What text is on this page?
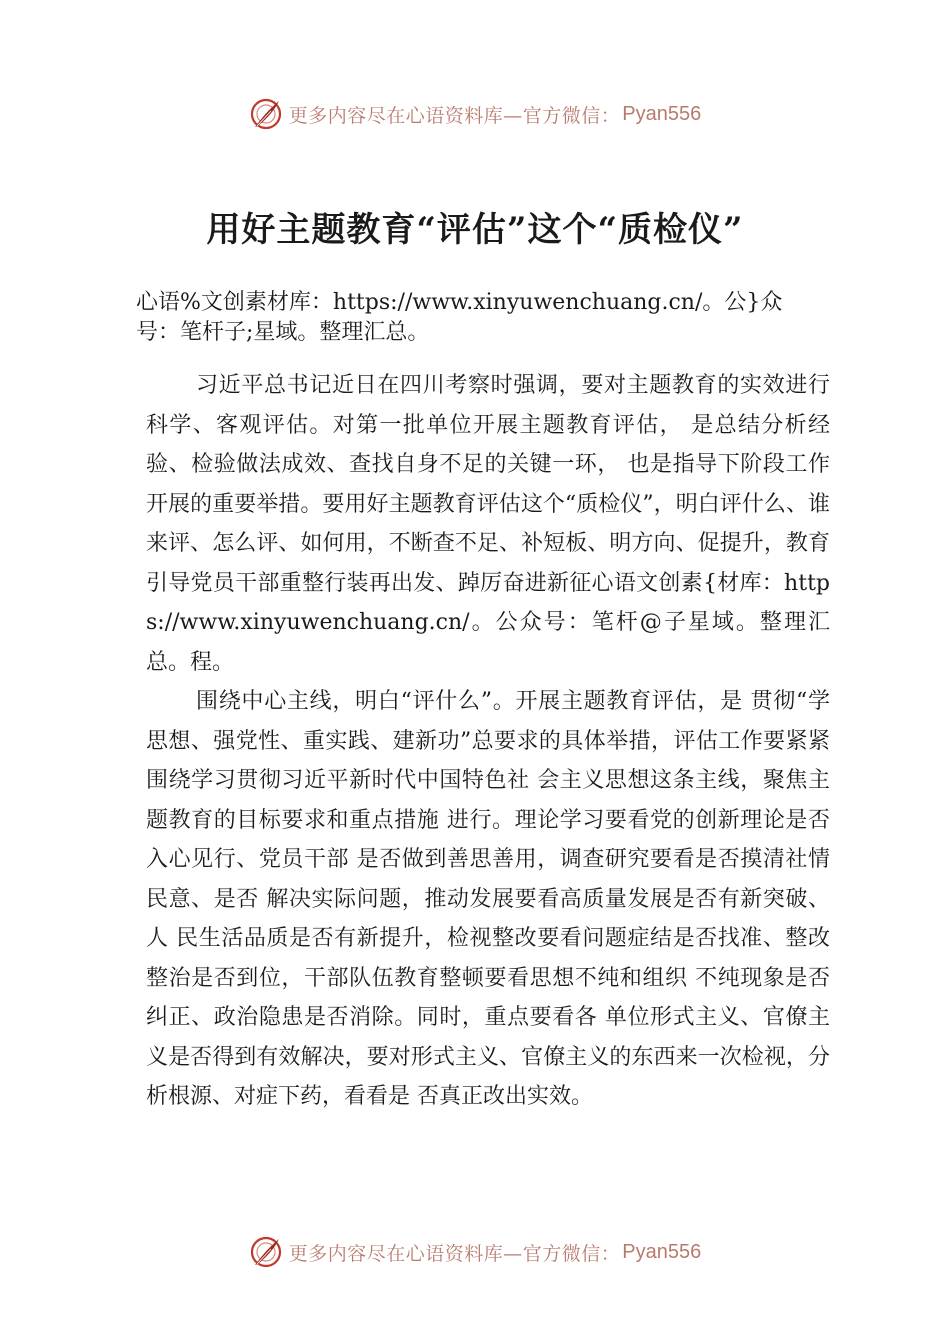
更多内容尽在心语资料库—官方微信： Pyan556
用好主题教育“评估”这个“质检仪”
心语%文创素材库：https://www.xinyuwenchuang.cn/。公}众号：笔杆子;星域。整理汇总。

习近平总书记近日在四川考察时强调，要对主题教育的实效进行科学、客观评估。对第一批单位开展主题教育评估， 是总结分析经验、检验做法成效、查找自身不足的关键一环， 也是指导下阶段工作开展的重要举措。要用好主题教育评估这个“质检仪”，明白评什么、谁来评、怎么评、如何用，不断查不足、补短板、明方向、促提升，教育引导党员干部重整行装再出发、踔厉奋进新征心语文创素{材库：https://www.xinyuwenchuang.cn/。公众号：笔杆@子星域。整理汇总。程。

围绕中心主线，明白“评什么”。开展主题教育评估，是 贯彻“学思想、强党性、重实践、建新功”总要求的具体举措，评估工作要紧紧围绕学习贯彻习近平新时代中国特色社 会主义思想这条主线，聚焦主题教育的目标要求和重点措施 进行。理论学习要看党的创新理论是否入心见行、党员干部 是否做到善思善用，调查研究要看是否摸清社情民意、是否 解决实际问题，推动发展要看高质量发展是否有新突破、人 民生活品质是否有新提升，检视整改要看问题症结是否找准、整改整治是否到位，干部队伍教育整顿要看思想不纯和组织 不纯现象是否纠正、政治隐患是否消除。同时，重点要看各 单位形式主义、官僚主义是否得到有效解决，要对形式主义、官僚主义的东西来一次检视，分析根源、对症下药，看看是 否真正改出实效。

更多内容尽在心语资料库—官方微信： Pyan556
